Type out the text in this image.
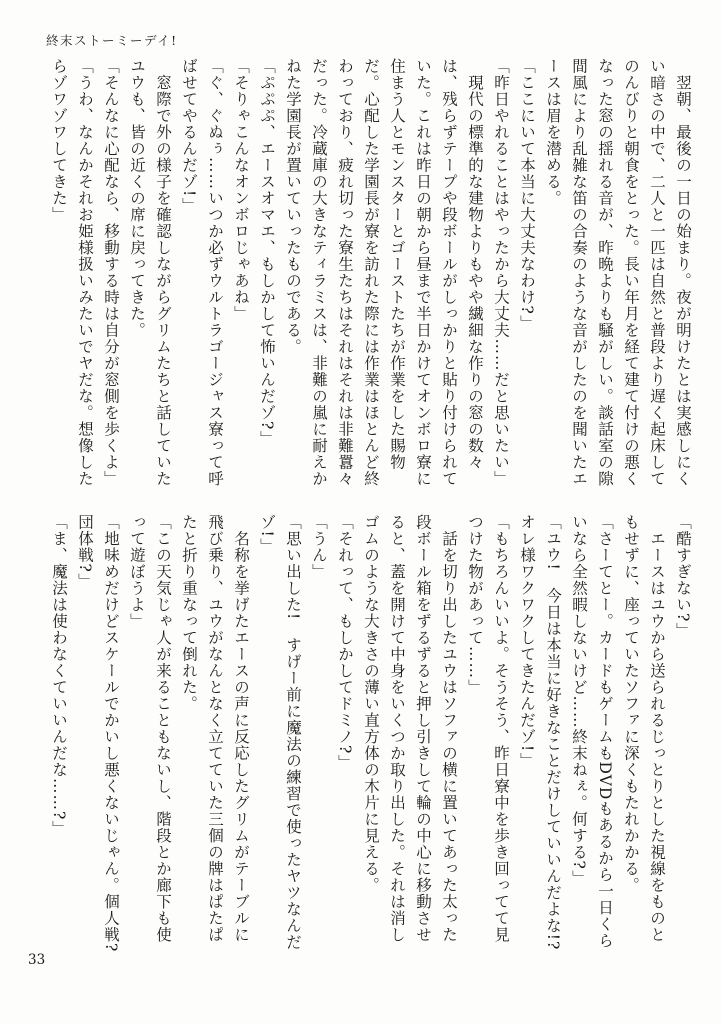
終末ストーミーデイ!

　翌朝、最後の一日の始まり。夜が明けたとは実感しにくい暗さの中で、二人と一匹は自然と普段より遅く起床してのんびりと朝食をとった。長い年月を経て建て付けの悪くなった窓の揺れる音が、昨晩よりも騒がしい。談話室の隙間風により乱雑な笛の合奏のような音がしたのを聞いたエースは眉を潜める。

「ここにいて本当に大丈夫なわけ?」

「昨日やれることはやったから大丈夫……だと思いたい」

　現代の標準的な建物よりもやや繊細な作りの窓の数々は、残らずテープや段ボールがしっかりと貼り付けられていた。これは昨日の朝から昼まで半日かけてオンボロ寮に住まう人とモンスターとゴーストたちが作業をした賜物だ。心配した学園長が寮を訪れた際には作業はほとんど終わっており、疲れ切った寮生たちはそれはそれは非難囂々だった。冷蔵庫の大きなティラミスは、非難の嵐に耐えかねた学園長が置いていったものである。

「ぷぷぷ、エースオマエ、もしかして怖いんだゾ?」

「そりゃこんなオンボロじゃあね」

「ぐ、ぐぬぅ……いつか必ずウルトラゴージャス寮って呼ばせてやるんだゾ!」

　窓際で外の様子を確認しながらグリムたちと話していたユウも、皆の近くの席に戻ってきた。

「そんなに心配なら、移動する時は自分が窓側を歩くよ」

「うわ、なんかそれお姫様扱いみたいでヤだな。想像したらゾワゾワしてきた」

「酷すぎない?」

　エースはユウから送られるじっとりとした視線をものともせずに、座っていたソファに深くもたれかかる。

「さーてとー。カードもゲームもDVDもあるから一日くらいなら全然暇しないけど……終末ねぇ。何する?」

「ユウ!　今日は本当に好きなことだけしていいんだよな!?　オレ様ワクワクしてきたんだゾ!」

「もちろんいいよ。そうそう、昨日寮中を歩き回ってて見つけた物があって……」

　話を切り出したユウはソファの横に置いてあった太った段ボール箱をずるずると押し引きして輪の中心に移動させると、蓋を開けて中身をいくつか取り出した。それは消しゴムのような大きさの薄い直方体の木片に見える。

「それって、もしかしてドミノ?」

「うん」

「思い出した!　すげー前に魔法の練習で使ったヤツなんだゾ!」

　名称を挙げたエースの声に反応したグリムがテーブルに飛び乗り、ユウがなんとなく立てていた三個の牌はぱたぱたと折り重なって倒れた。

「この天気じゃ人が来ることもないし、階段とか廊下も使って遊ぼうよ」

「地味めだけどスケールでかいし悪くないじゃん。個人戦?　団体戦?」

「ま、魔法は使わなくていいんだな……?」

33
